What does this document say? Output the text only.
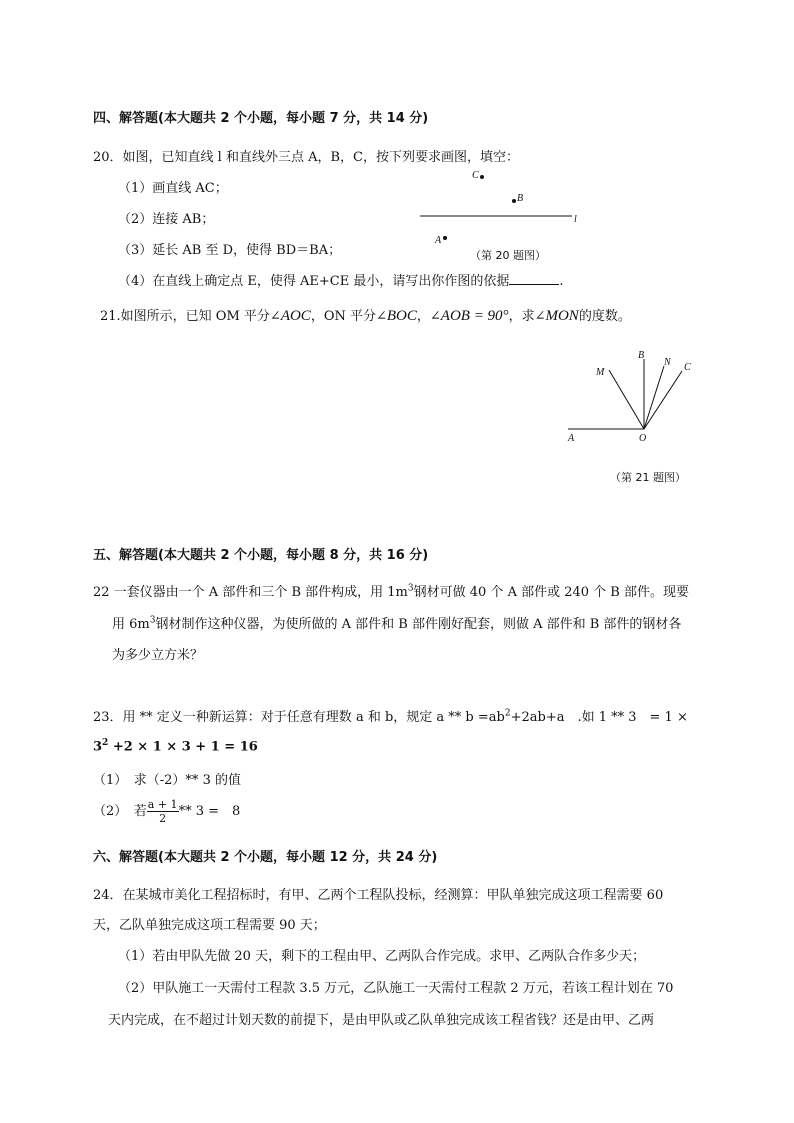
四、解答题(本大题共 2 个小题，每小题 7 分，共 14 分)
20．如图，已知直线 l 和直线外三点 A，B，C，按下列要求画图，填空：
（1）画直线 AC；
（2）连接 AB；
（3）延长 AB 至 D，使得 BD＝BA；
（4）在直线上确定点 E，使得 AE+CE 最小，请写出你作图的依据	.
C
B
l
A
（第 20 题图）
21.如图所示，已知 OM 平分∠AOC，ON 平分∠BOC，∠AOB = 90°，求∠MON的度数。
M
B
N C
A	O
（第 21 题图）
五、解答题(本大题共 2 个小题，每小题 8 分，共 16 分)
22 一套仪器由一个 A 部件和三个 B 部件构成，用 $1m^3$钢材可做 40 个 A 部件或 240 个 B 部件。现要
用 $6m^3$钢材制作这种仪器，为使所做的 A 部件和 B 部件刚好配套，则做 A 部件和 B 部件的钢材各
为多少立方米？
23．用 ** 定义一种新运算：对于任意有理数 a 和 b，规定 $a ** b =ab^2+2ab+a$　.如 1 ** 3　= 1 ×
$3^2 +2 \times 1 \times 3 + 1 = 16$
（1）　求（-2）** 3 的值
（2）　若 $\frac{a + 1}{2} ** 3$ =　8
六、解答题(本大题共 2 个小题，每小题 12 分，共 24 分)
24．在某城市美化工程招标时，有甲、乙两个工程队投标，经测算：甲队单独完成这项工程需要 60
天，乙队单独完成这项工程需要 90 天；
（1）若由甲队先做 20 天，剩下的工程由甲、乙两队合作完成。求甲、乙两队合作多少天；
（2）甲队施工一天需付工程款 3.5 万元，乙队施工一天需付工程款 2 万元，若该工程计划在 70
天内完成，在不超过计划天数的前提下，是由甲队或乙队单独完成该工程省钱？还是由甲、乙两
